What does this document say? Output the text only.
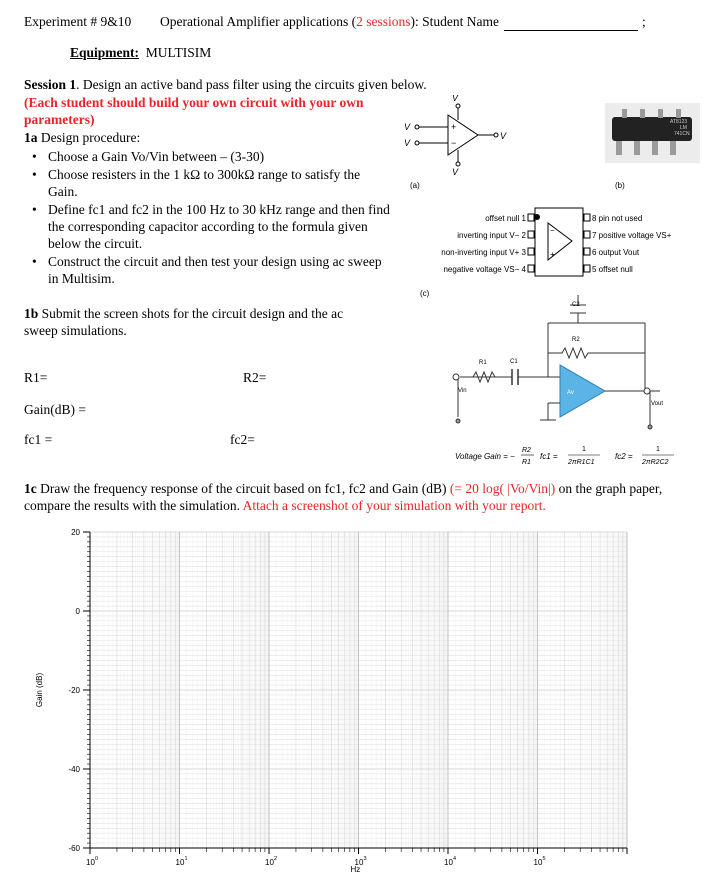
Experiment # 9&10 Operational Amplifier applications (2 sessions): Student Name	;
Equipment: MULTISIM
Session 1. Design an active band pass filter using the circuits given below.
(Each student should build your own circuit with your own parameters)
1a Design procedure:
• Choose a Gain Vo/Vin between – (3-30)
• Choose resisters in the 1 kΩ to 300kΩ range to satisfy the Gain.
• Define fc1 and fc2 in the 100 Hz to 30 kHz range and then find the corresponding capacitor according to the formula given below the circuit.
• Construct the circuit and then test your design using ac sweep in Multisim.
1b Submit the screen shots for the circuit design and the ac sweep simulations.
R1=	R2=
Gain(dB) =
fc1 =	fc2=
+
−
V
V
V
V
V
(a)
ΑΤ8123
LM
741CN
(b)
−
+
offset null 1
inverting input V− 2
non-inverting input V+ 3
negative voltage VS− 4
8 pin not used
7 positive voltage VS+
6 output Vout
5 offset null
(c)
C2
R2
R1	C1
Av
Vin
Vout
Voltage Gain = −
R2
R1
fc1 =
1
2πR1C1
fc2 =
1
2πR2C2
1c Draw the frequency response of the circuit based on fc1, fc2 and Gain (dB) (= 20 log( |Vo/Vin|) on the graph paper, compare the results with the simulation. Attach a screenshot of your simulation with your report.
20
0
-20
-40
-60
10 0	10 1	10 2	10 3	10 4	10 5
Hz
Gain (dB)
